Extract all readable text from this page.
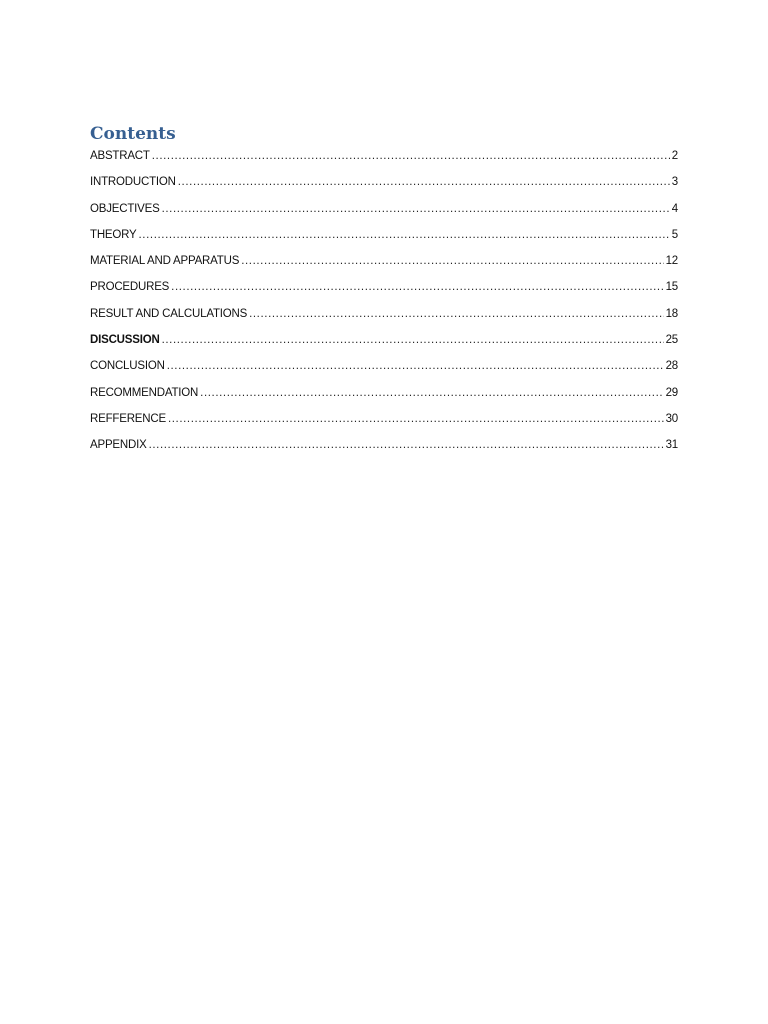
Contents
ABSTRACT .....	2
INTRODUCTION .....	3
OBJECTIVES .....	4
THEORY .....	5
MATERIAL AND APPARATUS .....	12
PROCEDURES .....	15
RESULT AND CALCULATIONS .....	18
DISCUSSION .....	25
CONCLUSION .....	28
RECOMMENDATION .....	29
REFFERENCE .....	30
APPENDIX .....	31
